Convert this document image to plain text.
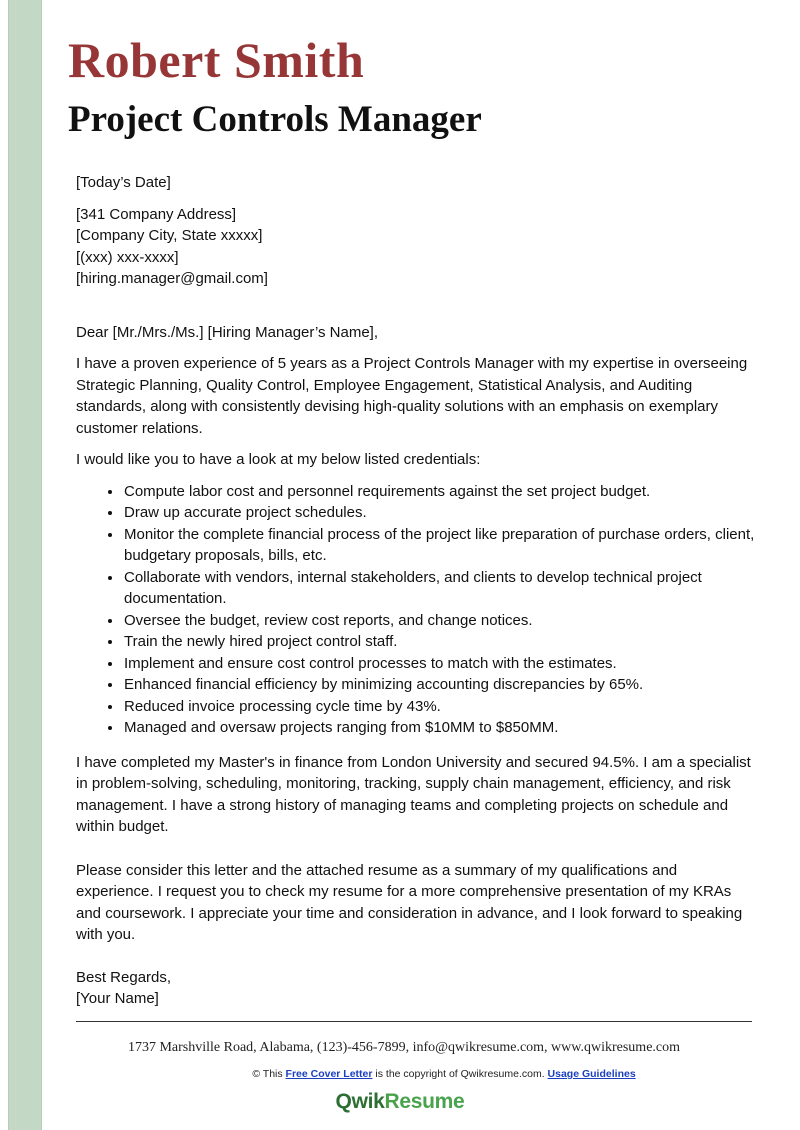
Robert Smith
Project Controls Manager

[Today’s Date]

[341 Company Address]

[Company City, State xxxxx]

[(xxx) xxx-xxxx]

[hiring.manager@gmail.com]

Dear [Mr./Mrs./Ms.] [Hiring Manager’s Name],

I have a proven experience of 5 years as a Project Controls Manager with my expertise in overseeing Strategic Planning, Quality Control, Employee Engagement, Statistical Analysis, and Auditing standards, along with consistently devising high-quality solutions with an emphasis on exemplary customer relations.

I would like you to have a look at my below listed credentials:

• Compute labor cost and personnel requirements against the set project budget.
• Draw up accurate project schedules.
• Monitor the complete financial process of the project like preparation of purchase orders, client, budgetary proposals, bills, etc.
• Collaborate with vendors, internal stakeholders, and clients to develop technical project documentation.
• Oversee the budget, review cost reports, and change notices.
• Train the newly hired project control staff.
• Implement and ensure cost control processes to match with the estimates.
• Enhanced financial efficiency by minimizing accounting discrepancies by 65%.
• Reduced invoice processing cycle time by 43%.
• Managed and oversaw projects ranging from $10MM to $850MM.

I have completed my Master's in finance from London University and secured 94.5%. I am a specialist in problem-solving, scheduling, monitoring, tracking, supply chain management, efficiency, and risk management. I have a strong history of managing teams and completing projects on schedule and within budget.

Please consider this letter and the attached resume as a summary of my qualifications and experience. I request you to check my resume for a more comprehensive presentation of my KRAs and coursework. I appreciate your time and consideration in advance, and I look forward to speaking with you.

Best Regards,

[Your Name]

1737 Marshville Road, Alabama, (123)-456-7899, info@qwikresume.com, www.qwikresume.com
© This Free Cover Letter is the copyright of Qwikresume.com. Usage Guidelines
QwikResume
